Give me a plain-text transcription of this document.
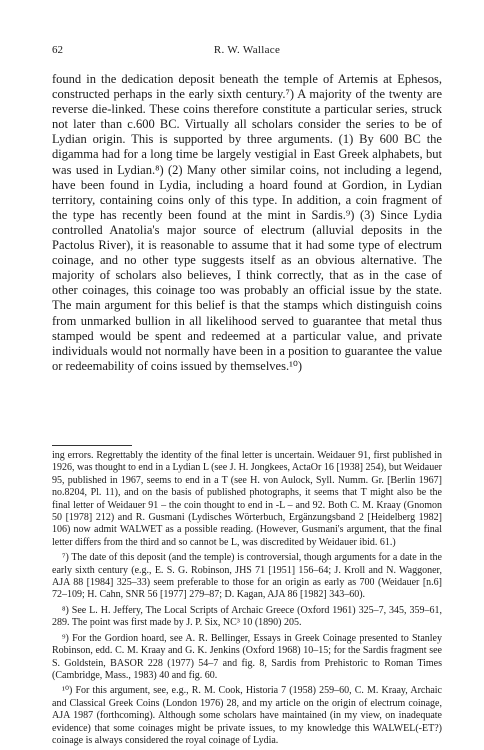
62	R. W. Wallace

found in the dedication deposit beneath the temple of Artemis at Ephesos, constructed perhaps in the early sixth century.⁷) A majority of the twenty are reverse die-linked. These coins therefore constitute a particular series, struck not later than c.600 BC. Virtually all scholars consider the series to be of Lydian origin. This is supported by three arguments. (1) By 600 BC the digamma had for a long time be largely vestigial in East Greek alphabets, but was used in Lydian.⁸) (2) Many other similar coins, not including a legend, have been found in Lydia, including a hoard found at Gordion, in Lydian territory, containing coins only of this type. In addition, a coin fragment of the type has recently been found at the mint in Sardis.⁹) (3) Since Lydia controlled Anatolia's major source of electrum (alluvial deposits in the Pactolus River), it is reasonable to assume that it had some type of electrum coinage, and no other type suggests itself as an obvious alternative. The majority of scholars also believes, I think correctly, that as in the case of other coinages, this coinage too was probably an official issue by the state. The main argument for this belief is that the stamps which distinguish coins from unmarked bullion in all likelihood served to guarantee that metal thus stamped would be spent and redeemed at a particular value, and private individuals would not normally have been in a position to guarantee the value or redeemability of coins issued by themselves.¹⁰)

ing errors. Regrettably the identity of the final letter is uncertain. Weidauer 91, first published in 1926, was thought to end in a Lydian L (see J. H. Jongkees, ActaOr 16 [1938] 254), but Weidauer 95, published in 1967, seems to end in a T (see H. von Aulock, Syll. Numm. Gr. [Berlin 1967] no.8204, Pl. 11), and on the basis of published photographs, it seems that T might also be the final letter of Weidauer 91 – the coin thought to end in -L – and 92. Both C. M. Kraay (Gnomon 50 [1978] 212) and R. Gusmani (Lydisches Wörterbuch, Ergänzungsband 2 [Heidelberg 1982] 106) now admit WALWET as a possible reading. (However, Gusmani's argument, that the final letter differs from the third and so cannot be L, was discredited by Weidauer ibid. 61.)

⁷) The date of this deposit (and the temple) is controversial, though arguments for a date in the early sixth century (e.g., E. S. G. Robinson, JHS 71 [1951] 156–64; J. Kroll and N. Waggoner, AJA 88 [1984] 325–33) seem preferable to those for an origin as early as 700 (Weidauer [n.6] 72–109; H. Cahn, SNR 56 [1977] 279–87; D. Kagan, AJA 86 [1982] 343–60).

⁸) See L. H. Jeffery, The Local Scripts of Archaic Greece (Oxford 1961) 325–7, 345, 359–61, 289. The point was first made by J. P. Six, NC³ 10 (1890) 205.

⁹) For the Gordion hoard, see A. R. Bellinger, Essays in Greek Coinage presented to Stanley Robinson, edd. C. M. Kraay and G. K. Jenkins (Oxford 1968) 10–15; for the Sardis fragment see S. Goldstein, BASOR 228 (1977) 54–7 and fig. 8, Sardis from Prehistoric to Roman Times (Cambridge, Mass., 1983) 40 and fig. 60.

¹⁰) For this argument, see, e.g., R. M. Cook, Historia 7 (1958) 259–60, C. M. Kraay, Archaic and Classical Greek Coins (London 1976) 28, and my article on the origin of electrum coinage, AJA 1987 (forthcoming). Although some scholars have maintained (in my view, on inadequate evidence) that some coinages might be private issues, to my knowledge this WALWEL(-ET?) coinage is always considered the royal coinage of Lydia.
